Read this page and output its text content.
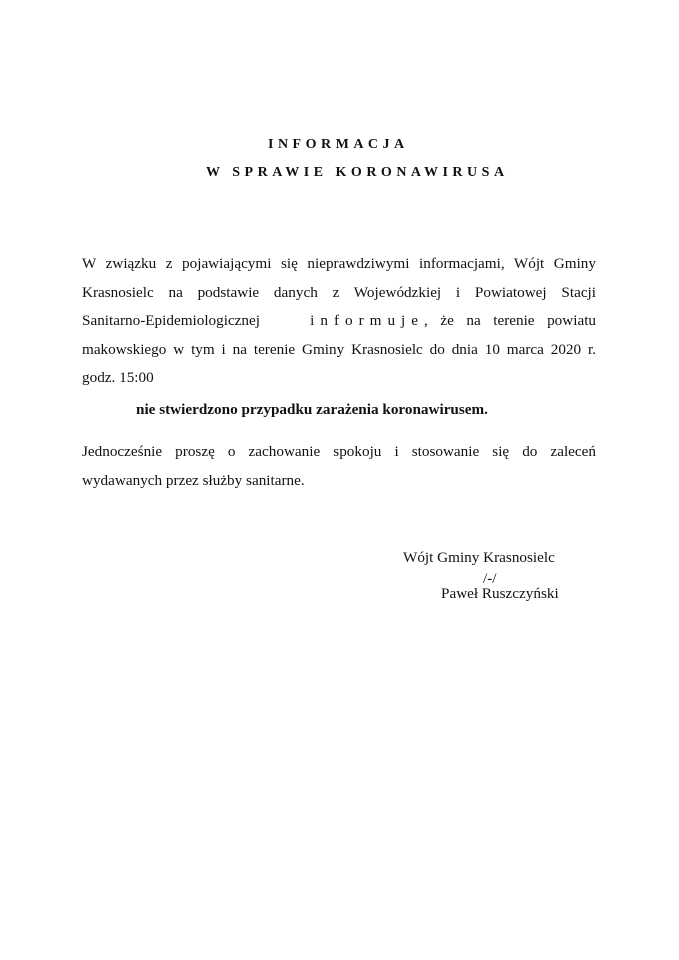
INFORMACJA
W SPRAWIE KORONAWIRUSA
W związku z pojawiającymi się nieprawdziwymi informacjami, Wójt Gminy
Krasnosielc na podstawie danych z Wojewódzkiej i Powiatowej Stacji
Sanitarno-Epidemiologicznej	informuje, że na terenie powiatu
makowskiego w tym i na terenie Gminy Krasnosielc do dnia 10 marca 2020 r.
godz. 15:00
nie stwierdzono przypadku zarażenia koronawirusem.
Jednocześnie proszę o zachowanie spokoju i stosowanie się do zaleceń
wydawanych przez służby sanitarne.
Wójt Gminy Krasnosielc
/-/
Paweł Ruszczyński
